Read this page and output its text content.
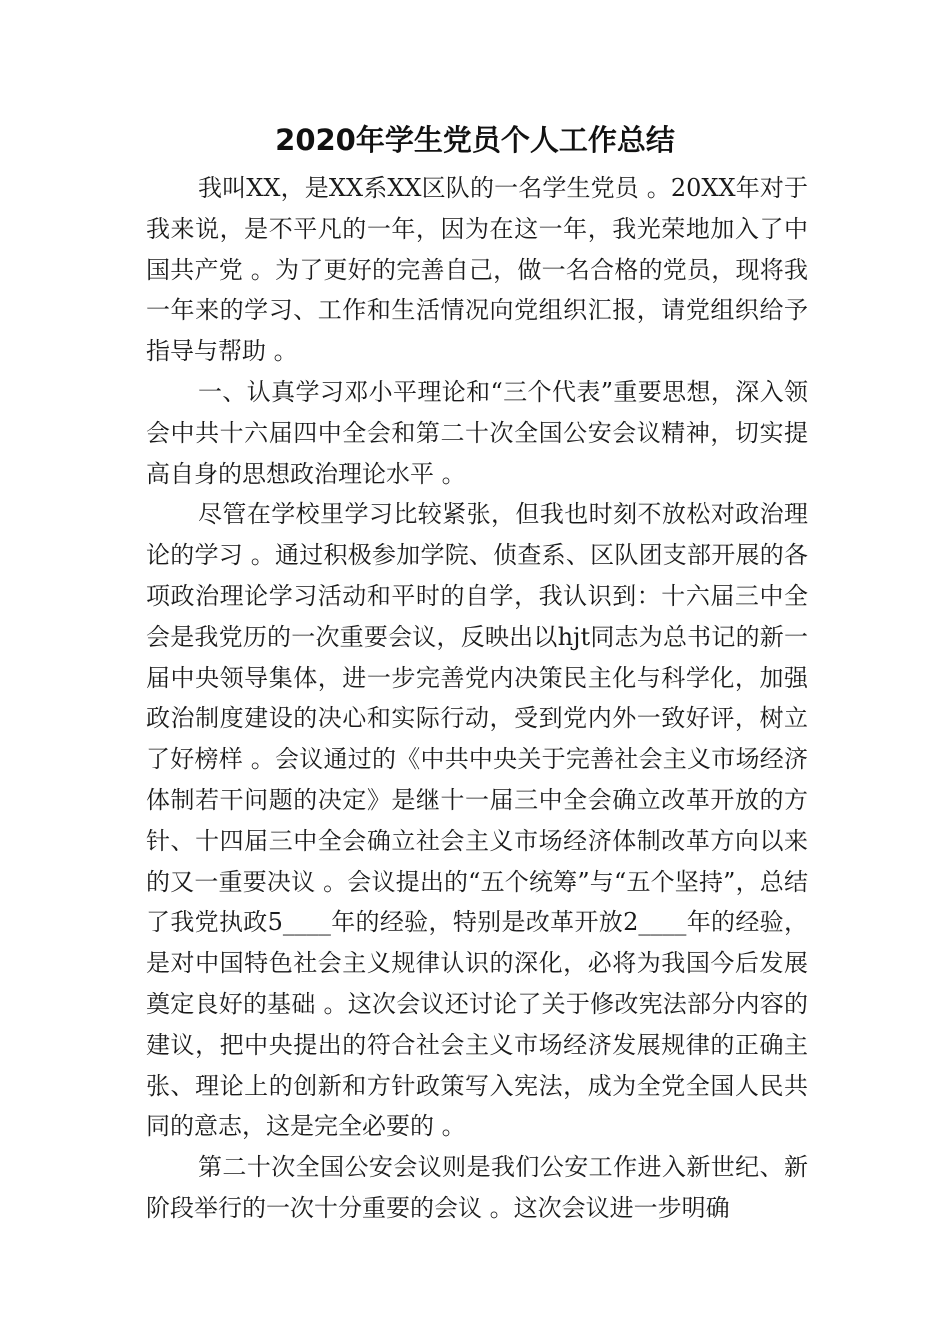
2020年学生党员个人工作总结

我叫XX，是XX系XX区队的一名学生党员 。20XX年对于我来说，是不平凡的一年，因为在这一年，我光荣地加入了中国共产党 。为了更好的完善自己，做一名合格的党员，现将我一年来的学习、工作和生活情况向党组织汇报，请党组织给予指导与帮助 。

一、认真学习邓小平理论和“三个代表”重要思想，深入领会中共十六届四中全会和第二十次全国公安会议精神，切实提高自身的思想政治理论水平 。

尽管在学校里学习比较紧张，但我也时刻不放松对政治理论的学习 。通过积极参加学院、侦查系、区队团支部开展的各项政治理论学习活动和平时的自学，我认识到：十六届三中全会是我党历的一次重要会议，反映出以hjt同志为总书记的新一届中央领导集体，进一步完善党内决策民主化与科学化，加强政治制度建设的决心和实际行动，受到党内外一致好评，树立了好榜样 。会议通过的《中共中央关于完善社会主义市场经济体制若干问题的决定》是继十一届三中全会确立改革开放的方针、十四届三中全会确立社会主义市场经济体制改革方向以来的又一重要决议 。会议提出的“五个统筹”与“五个坚持”，总结了我党执政5____年的经验，特别是改革开放2____年的经验，是对中国特色社会主义规律认识的深化，必将为我国今后发展奠定良好的基础 。这次会议还讨论了关于修改宪法部分内容的建议，把中央提出的符合社会主义市场经济发展规律的正确主张、理论上的创新和方针政策写入宪法，成为全党全国人民共同的意志，这是完全必要的 。

第二十次全国公安会议则是我们公安工作进入新世纪、新阶段举行的一次十分重要的会议 。这次会议进一步明确
